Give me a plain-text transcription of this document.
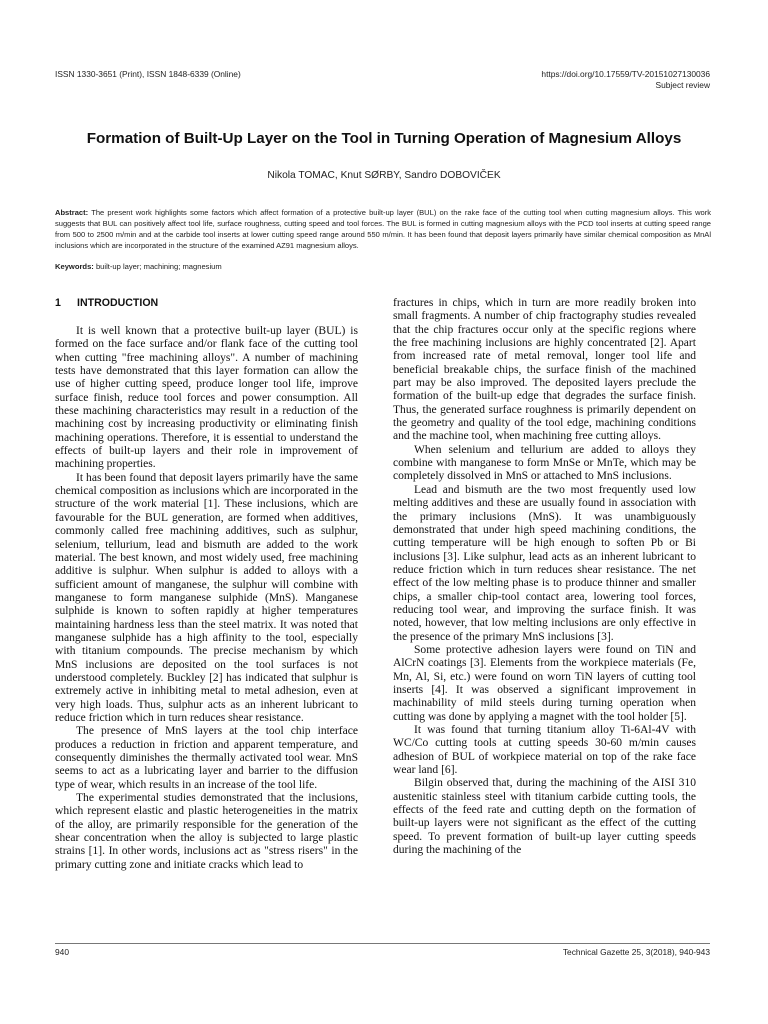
ISSN 1330-3651 (Print), ISSN 1848-6339 (Online)	https://doi.org/10.17559/TV-20151027130036
Subject review
Formation of Built-Up Layer on the Tool in Turning Operation of Magnesium Alloys
Nikola TOMAC, Knut SØRBY, Sandro DOBOVIČEK

Abstract: The present work highlights some factors which affect formation of a protective built-up layer (BUL) on the rake face of the cutting tool when cutting magnesium alloys. This work suggests that BUL can positively affect tool life, surface roughness, cutting speed and tool forces. The BUL is formed in cutting magnesium alloys with the PCD tool inserts at cutting speed range from 500 to 2500 m/min and at the carbide tool inserts at lower cutting speed range around 550 m/min. It has been found that deposit layers primarily have similar chemical composition as MnAl inclusions which are incorporated in the structure of the examined AZ91 magnesium alloys.

Keywords: built-up layer; machining; magnesium
1 INTRODUCTION

It is well known that a protective built-up layer (BUL) is formed on the face surface and/or flank face of the cutting tool when cutting "free machining alloys". A number of machining tests have demonstrated that this layer formation can allow the use of higher cutting speed, produce longer tool life, improve surface finish, reduce tool forces and power consumption. All these machining characteristics may result in a reduction of the machining cost by increasing productivity or eliminating finish machining operations. Therefore, it is essential to understand the effects of built-up layers and their role in improvement of machining properties.

It has been found that deposit layers primarily have the same chemical composition as inclusions which are incorporated in the structure of the work material [1]. These inclusions, which are favourable for the BUL generation, are formed when additives, commonly called free machining additives, such as sulphur, selenium, tellurium, lead and bismuth are added to the work material. The best known, and most widely used, free machining additive is sulphur. When sulphur is added to alloys with a sufficient amount of manganese, the sulphur will combine with manganese to form manganese sulphide (MnS). Manganese sulphide is known to soften rapidly at higher temperatures maintaining hardness less than the steel matrix. It was noted that manganese sulphide has a high affinity to the tool, especially with titanium compounds. The precise mechanism by which MnS inclusions are deposited on the tool surfaces is not understood completely. Buckley [2] has indicated that sulphur is extremely active in inhibiting metal to metal adhesion, even at very high loads. Thus, sulphur acts as an inherent lubricant to reduce friction which in turn reduces shear resistance.

The presence of MnS layers at the tool chip interface produces a reduction in friction and apparent temperature, and consequently diminishes the thermally activated tool wear. MnS seems to act as a lubricating layer and barrier to the diffusion type of wear, which results in an increase of the tool life.

The experimental studies demonstrated that the inclusions, which represent elastic and plastic heterogeneities in the matrix of the alloy, are primarily responsible for the generation of the shear concentration when the alloy is subjected to large plastic strains [1]. In other words, inclusions act as "stress risers" in the primary cutting zone and initiate cracks which lead to

fractures in chips, which in turn are more readily broken into small fragments. A number of chip fractography studies revealed that the chip fractures occur only at the specific regions where the free machining inclusions are highly concentrated [2]. Apart from increased rate of metal removal, longer tool life and beneficial breakable chips, the surface finish of the machined part may be also improved. The deposited layers preclude the formation of the built-up edge that degrades the surface finish. Thus, the generated surface roughness is primarily dependent on the geometry and quality of the tool edge, machining conditions and the machine tool, when machining free cutting alloys.

When selenium and tellurium are added to alloys they combine with manganese to form MnSe or MnTe, which may be completely dissolved in MnS or attached to MnS inclusions.

Lead and bismuth are the two most frequently used low melting additives and these are usually found in association with the primary inclusions (MnS). It was unambiguously demonstrated that under high speed machining conditions, the cutting temperature will be high enough to soften Pb or Bi inclusions [3]. Like sulphur, lead acts as an inherent lubricant to reduce friction which in turn reduces shear resistance. The net effect of the low melting phase is to produce thinner and smaller chips, a smaller chip-tool contact area, lowering tool forces, reducing tool wear, and improving the surface finish. It was noted, however, that low melting inclusions are only effective in the presence of the primary MnS inclusions [3].

Some protective adhesion layers were found on TiN and AlCrN coatings [3]. Elements from the workpiece materials (Fe, Mn, Al, Si, etc.) were found on worn TiN layers of cutting tool inserts [4]. It was observed a significant improvement in machinability of mild steels during turning operation when cutting was done by applying a magnet with the tool holder [5].

It was found that turning titanium alloy Ti-6Al-4V with WC/Co cutting tools at cutting speeds 30-60 m/min causes adhesion of BUL of workpiece material on top of the rake face wear land [6].

Bilgin observed that, during the machining of the AISI 310 austenitic stainless steel with titanium carbide cutting tools, the effects of the feed rate and cutting depth on the formation of built-up layers were not significant as the effect of the cutting speed. To prevent formation of built-up layer cutting speeds during the machining of the

940	Technical Gazette 25, 3(2018), 940-943
